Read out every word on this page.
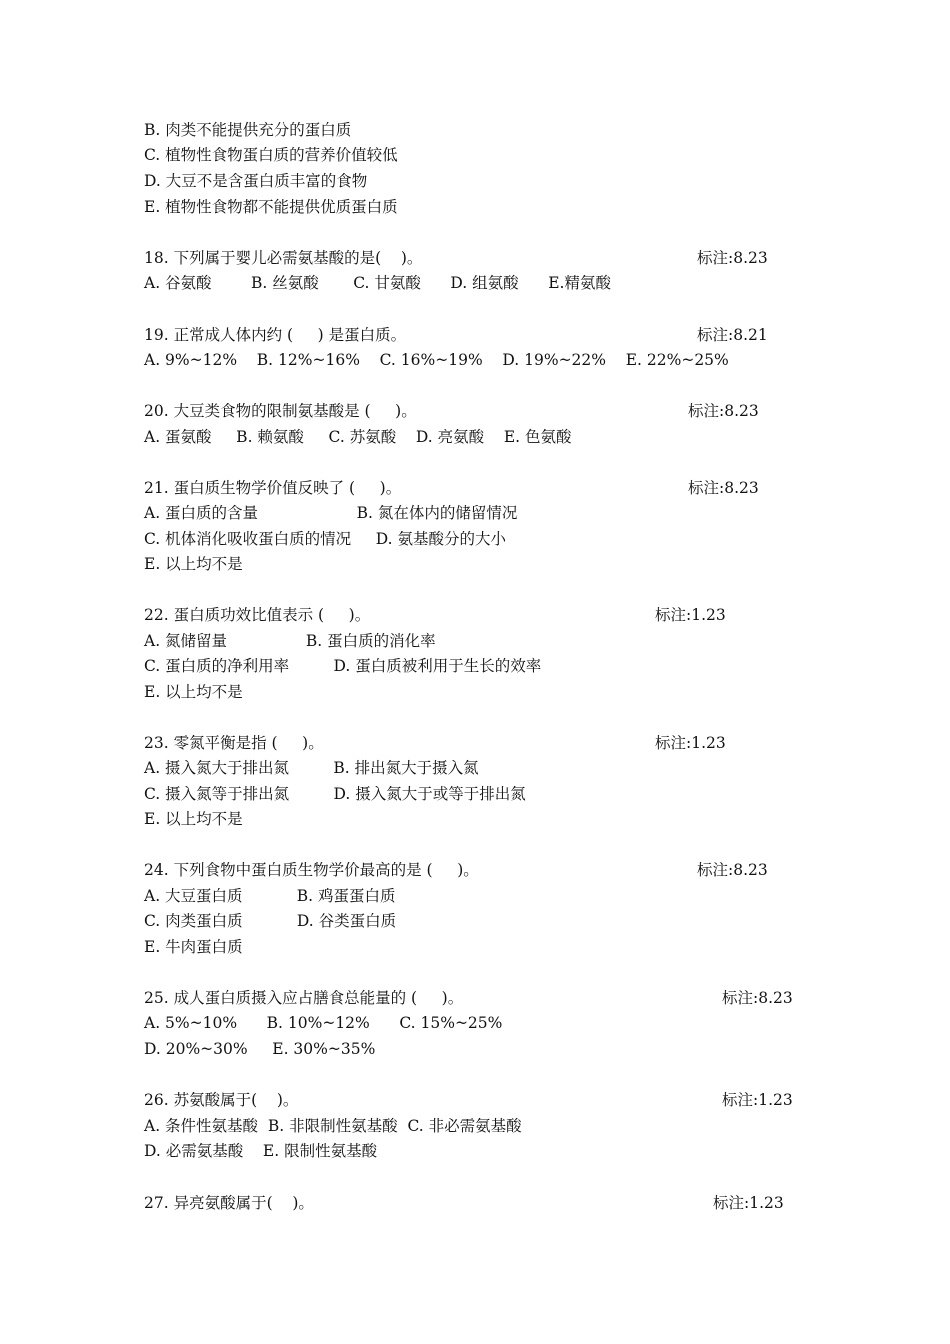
B. 肉类不能提供充分的蛋白质
C. 植物性食物蛋白质的营养价值较低
D. 大豆不是含蛋白质丰富的食物
E. 植物性食物都不能提供优质蛋白质
18. 下列属于婴儿必需氨基酸的是(    )。	标注:8.23
A. 谷氨酸        B. 丝氨酸       C. 甘氨酸      D. 组氨酸      E.精氨酸
19. 正常成人体内约 (     ) 是蛋白质。	标注:8.21
A. 9%~12%    B. 12%~16%    C. 16%~19%    D. 19%~22%    E. 22%~25%
20. 大豆类食物的限制氨基酸是 (     )。	标注:8.23
A. 蛋氨酸     B. 赖氨酸     C. 苏氨酸    D. 亮氨酸    E. 色氨酸
21. 蛋白质生物学价值反映了 (     )。	标注:8.23
A. 蛋白质的含量                    B. 氮在体内的储留情况
C. 机体消化吸收蛋白质的情况     D. 氨基酸分的大小
E. 以上均不是
22. 蛋白质功效比值表示 (     )。	标注:1.23
A. 氮储留量                B. 蛋白质的消化率
C. 蛋白质的净利用率         D. 蛋白质被利用于生长的效率
E. 以上均不是
23. 零氮平衡是指 (     )。	标注:1.23
A. 摄入氮大于排出氮         B. 排出氮大于摄入氮
C. 摄入氮等于排出氮         D. 摄入氮大于或等于排出氮
E. 以上均不是
24. 下列食物中蛋白质生物学价最高的是 (     )。	标注:8.23
A. 大豆蛋白质           B. 鸡蛋蛋白质
C. 肉类蛋白质           D. 谷类蛋白质
E. 牛肉蛋白质
25. 成人蛋白质摄入应占膳食总能量的 (     )。	标注:8.23
A. 5%~10%      B. 10%~12%      C. 15%~25%
D. 20%~30%     E. 30%~35%
26. 苏氨酸属于(    )。	标注:1.23
A. 条件性氨基酸  B. 非限制性氨基酸  C. 非必需氨基酸
D. 必需氨基酸    E. 限制性氨基酸
27. 异亮氨酸属于(    )。	标注:1.23
